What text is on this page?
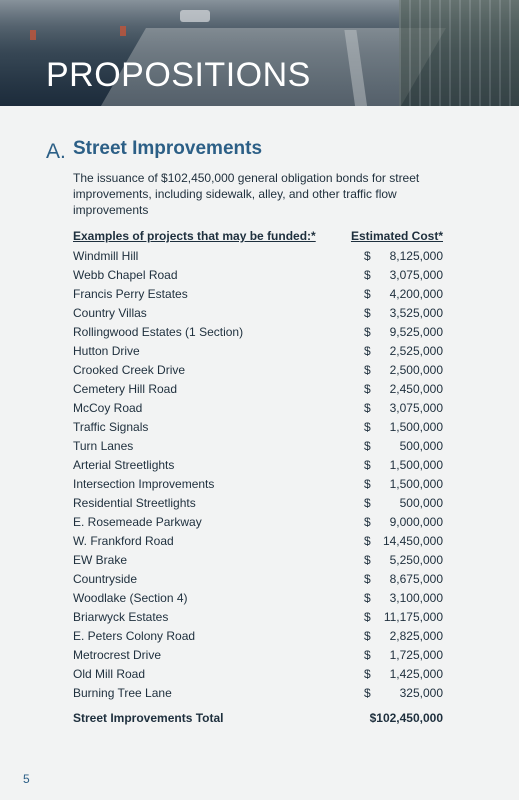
PROPOSITIONS
A. Street Improvements
The issuance of $102,450,000 general obligation bonds for street improvements, including sidewalk, alley, and other traffic flow improvements
Examples of projects that may be funded:*	Estimated Cost*
Windmill Hill	$ 8,125,000
Webb Chapel Road	$ 3,075,000
Francis Perry Estates	$ 4,200,000
Country Villas	$ 3,525,000
Rollingwood Estates (1 Section)	$ 9,525,000
Hutton Drive	$ 2,525,000
Crooked Creek Drive	$ 2,500,000
Cemetery Hill Road	$ 2,450,000
McCoy Road	$ 3,075,000
Traffic Signals	$ 1,500,000
Turn Lanes	$ 500,000
Arterial Streetlights	$ 1,500,000
Intersection Improvements	$ 1,500,000
Residential Streetlights	$ 500,000
E. Rosemeade Parkway	$ 9,000,000
W. Frankford Road	$ 14,450,000
EW Brake	$ 5,250,000
Countryside	$ 8,675,000
Woodlake (Section 4)	$ 3,100,000
Briarwyck Estates	$ 11,175,000
E. Peters Colony Road	$ 2,825,000
Metrocrest Drive	$ 1,725,000
Old Mill Road	$ 1,425,000
Burning Tree Lane	$ 325,000
Street Improvements Total	$102,450,000
5
